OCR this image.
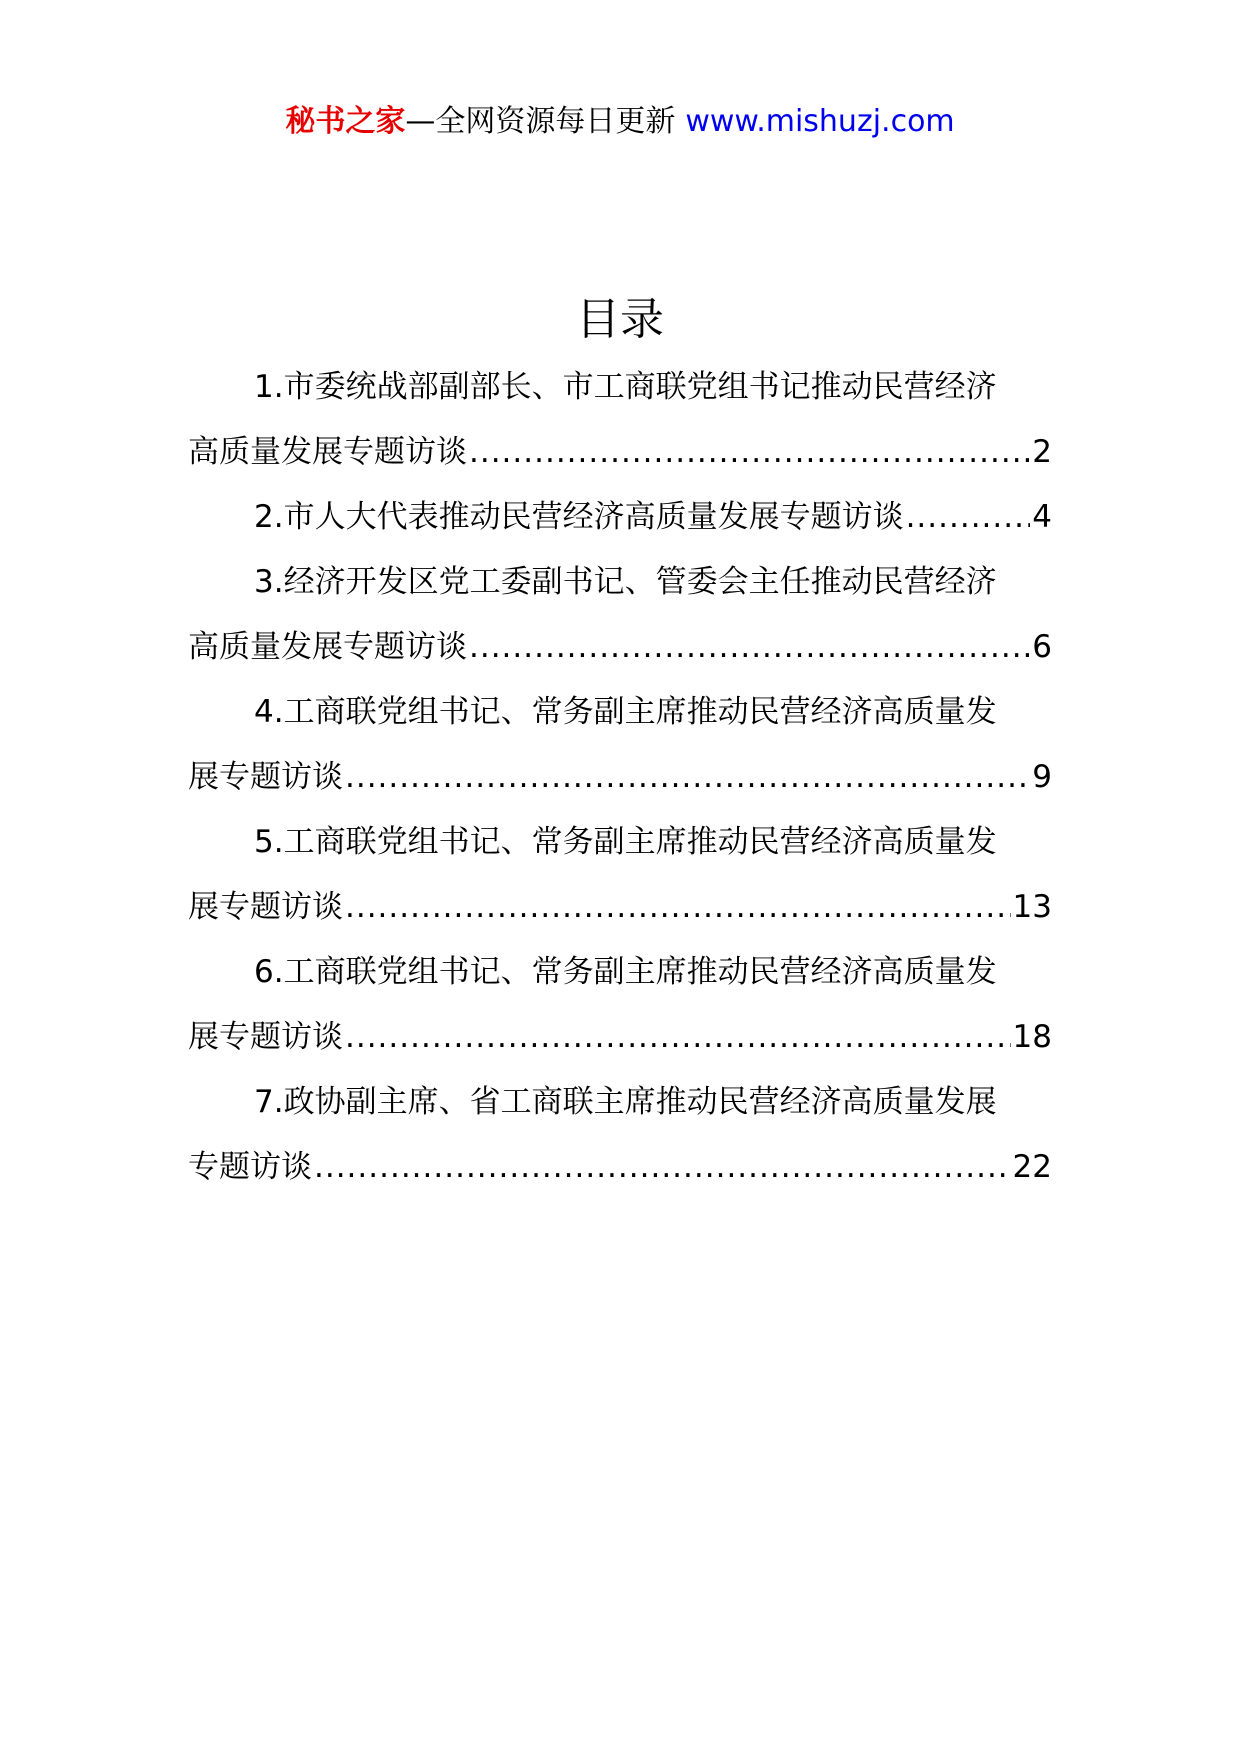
秘书之家—全网资源每日更新 www.mishuzj.com
目录
1.市委统战部副部长、市工商联党组书记推动民营经济
高质量发展专题访谈 .....	2
2.市人大代表推动民营经济高质量发展专题访谈 .....	4
3.经济开发区党工委副书记、管委会主任推动民营经济
高质量发展专题访谈 .....	6
4.工商联党组书记、常务副主席推动民营经济高质量发
展专题访谈 .....	9
5.工商联党组书记、常务副主席推动民营经济高质量发
展专题访谈 .....	13
6.工商联党组书记、常务副主席推动民营经济高质量发
展专题访谈 .....	18
7.政协副主席、省工商联主席推动民营经济高质量发展
专题访谈 .....	22
